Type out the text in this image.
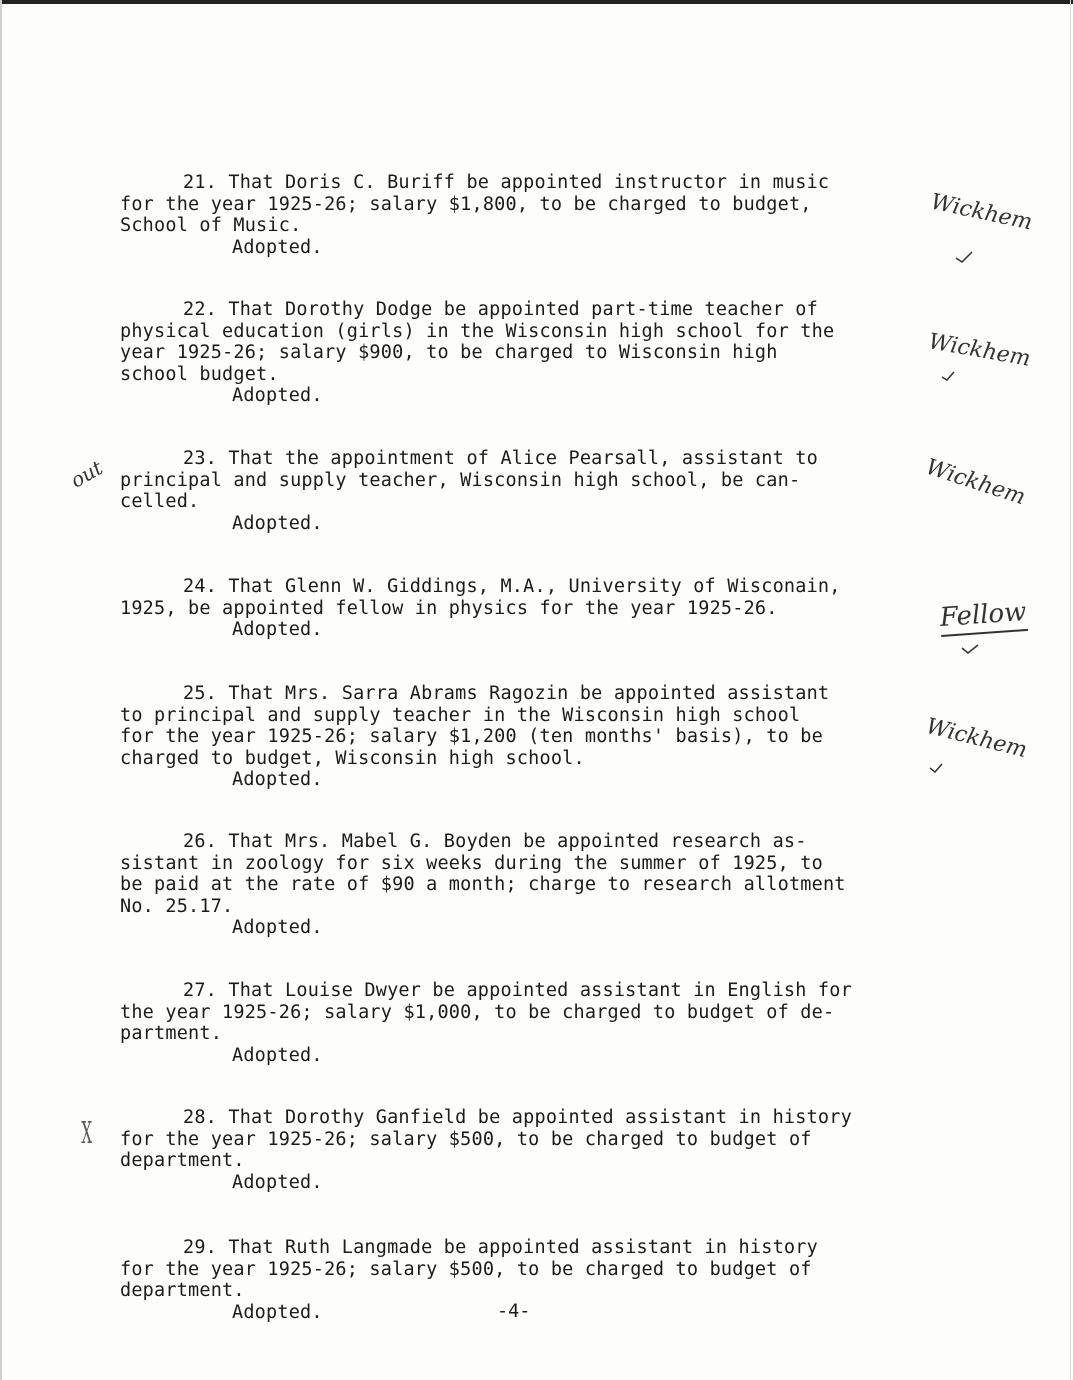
21. That Doris C. Buriff be appointed instructor in music
for the year 1925-26; salary $1,800, to be charged to budget,
School of Music.
Adopted.
22. That Dorothy Dodge be appointed part-time teacher of
physical education (girls) in the Wisconsin high school for the
year 1925-26; salary $900, to be charged to Wisconsin high
school budget.
Adopted.
23. That the appointment of Alice Pearsall, assistant to
principal and supply teacher, Wisconsin high school, be can-
celled.
Adopted.
24. That Glenn W. Giddings, M.A., University of Wisconain,
1925, be appointed fellow in physics for the year 1925-26.
Adopted.
25. That Mrs. Sarra Abrams Ragozin be appointed assistant
to principal and supply teacher in the Wisconsin high school
for the year 1925-26; salary $1,200 (ten months' basis), to be
charged to budget, Wisconsin high school.
Adopted.
26. That Mrs. Mabel G. Boyden be appointed research as-
sistant in zoology for six weeks during the summer of 1925, to
be paid at the rate of $90 a month; charge to research allotment
No. 25.17.
Adopted.
27. That Louise Dwyer be appointed assistant in English for
the year 1925-26; salary $1,000, to be charged to budget of de-
partment.
Adopted.
28. That Dorothy Ganfield be appointed assistant in history
for the year 1925-26; salary $500, to be charged to budget of
department.
Adopted.
29. That Ruth Langmade be appointed assistant in history
for the year 1925-26; salary $500, to be charged to budget of
department.
Adopted.
Wickhem
Wickhem
out	Wickhem
Fellow
Wickhem
X
-4-
